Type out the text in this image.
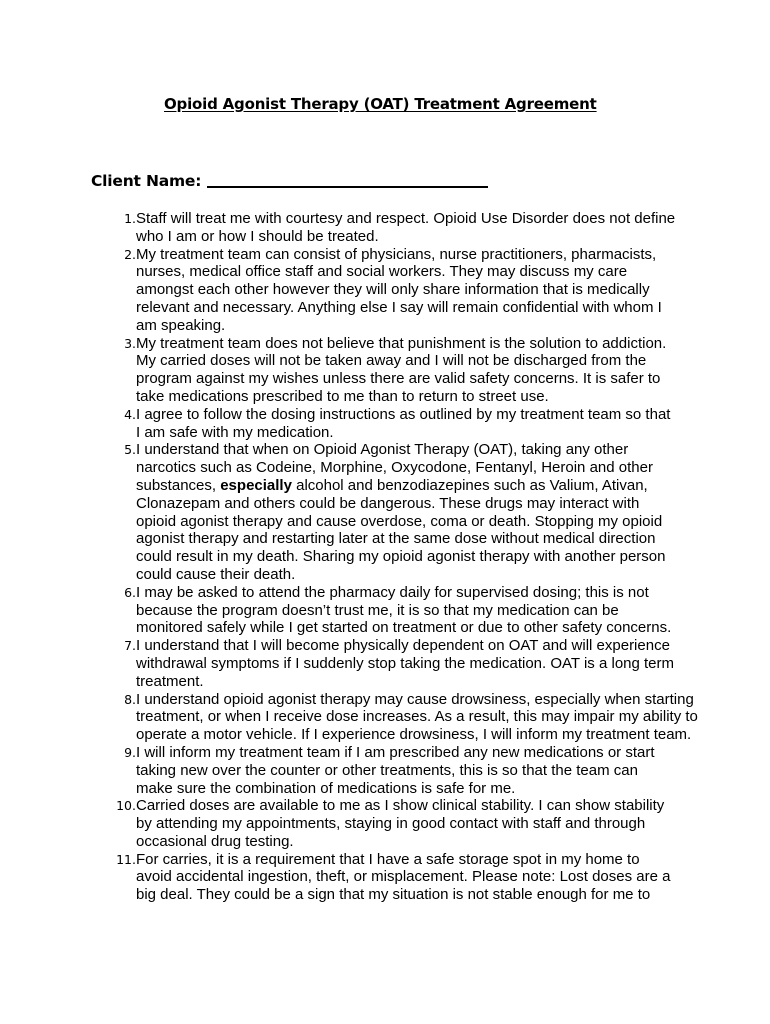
Opioid Agonist Therapy (OAT) Treatment Agreement
Client Name:
1. Staff will treat me with courtesy and respect. Opioid Use Disorder does not define
who I am or how I should be treated.
2. My treatment team can consist of physicians, nurse practitioners, pharmacists,
nurses, medical office staff and social workers. They may discuss my care
amongst each other however they will only share information that is medically
relevant and necessary. Anything else I say will remain confidential with whom I
am speaking.
3. My treatment team does not believe that punishment is the solution to addiction.
My carried doses will not be taken away and I will not be discharged from the
program against my wishes unless there are valid safety concerns. It is safer to
take medications prescribed to me than to return to street use.
4. I agree to follow the dosing instructions as outlined by my treatment team so that
I am safe with my medication.
5. I understand that when on Opioid Agonist Therapy (OAT), taking any other
narcotics such as Codeine, Morphine, Oxycodone, Fentanyl, Heroin and other
substances, especially alcohol and benzodiazepines such as Valium, Ativan,
Clonazepam and others could be dangerous. These drugs may interact with
opioid agonist therapy and cause overdose, coma or death. Stopping my opioid
agonist therapy and restarting later at the same dose without medical direction
could result in my death. Sharing my opioid agonist therapy with another person
could cause their death.
6. I may be asked to attend the pharmacy daily for supervised dosing; this is not
because the program doesn’t trust me, it is so that my medication can be
monitored safely while I get started on treatment or due to other safety concerns.
7. I understand that I will become physically dependent on OAT and will experience
withdrawal symptoms if I suddenly stop taking the medication. OAT is a long term
treatment.
8. I understand opioid agonist therapy may cause drowsiness, especially when starting
treatment, or when I receive dose increases. As a result, this may impair my ability to
operate a motor vehicle. If I experience drowsiness, I will inform my treatment team.
9. I will inform my treatment team if I am prescribed any new medications or start
taking new over the counter or other treatments, this is so that the team can
make sure the combination of medications is safe for me.
10. Carried doses are available to me as I show clinical stability. I can show stability
by attending my appointments, staying in good contact with staff and through
occasional drug testing.
11. For carries, it is a requirement that I have a safe storage spot in my home to
avoid accidental ingestion, theft, or misplacement. Please note: Lost doses are a
big deal. They could be a sign that my situation is not stable enough for me to
